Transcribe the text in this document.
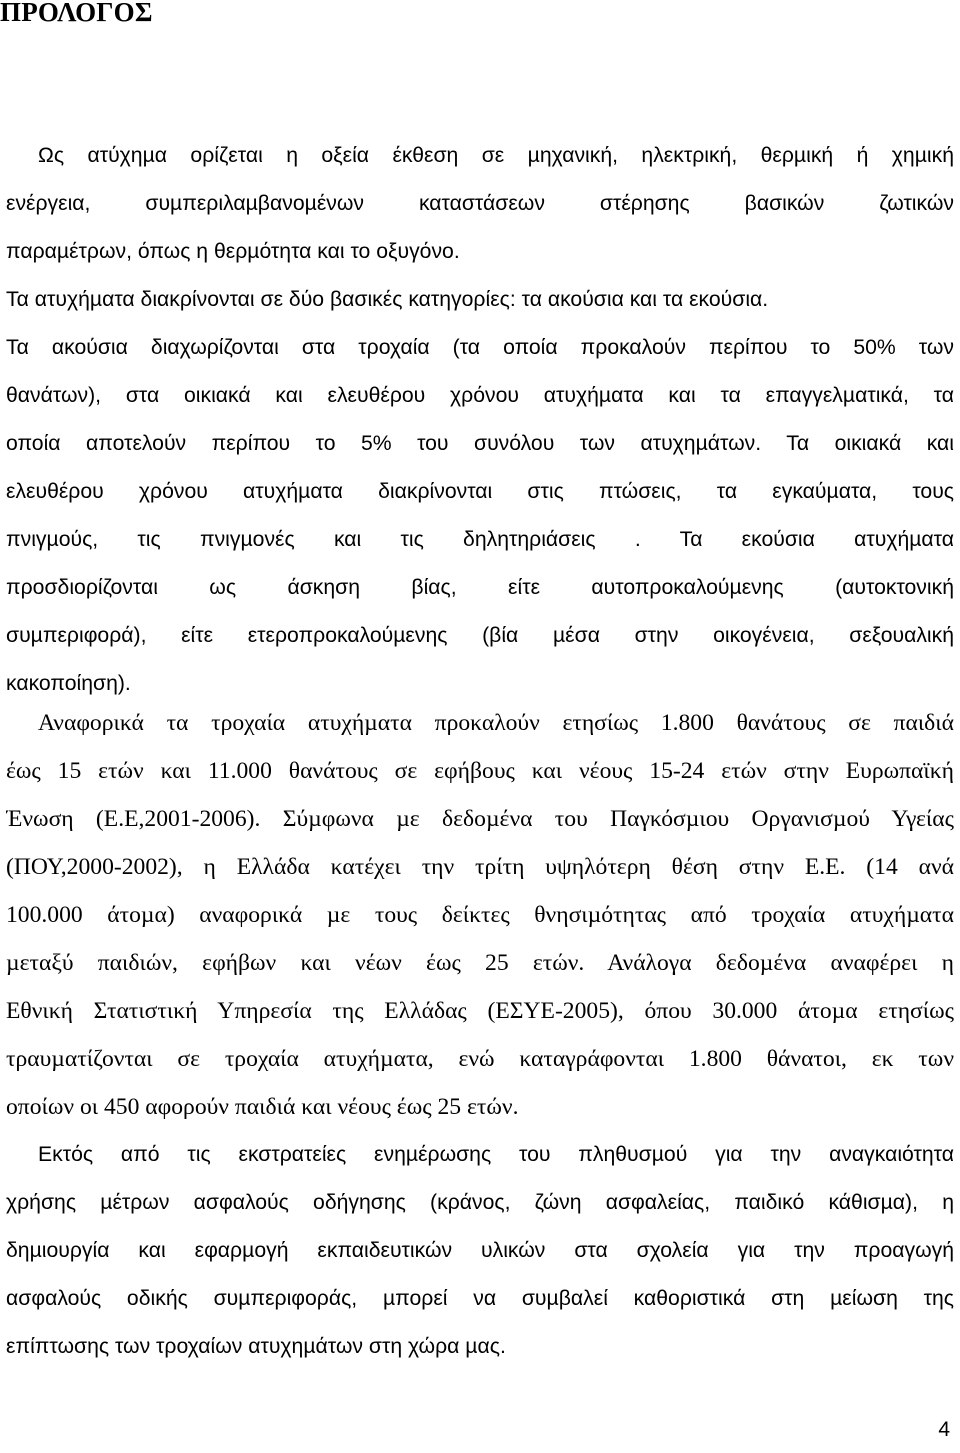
ΠΡΟΛΟΓΟΣ
Ως ατύχηµα ορίζεται η οξεία έκθεση σε µηχανική, ηλεκτρική, θερµική ή χηµική
ενέργεια, συµπεριλαµβανοµένων καταστάσεων στέρησης βασικών ζωτικών
παραµέτρων, όπως η θερµότητα και το οξυγόνο.
Τα ατυχήµατα διακρίνονται σε δύο βασικές κατηγορίες: τα ακούσια και τα εκούσια.
Τα ακούσια διαχωρίζονται στα τροχαία (τα οποία προκαλούν περίπου το 50% των
θανάτων), στα οικιακά και ελευθέρου χρόνου ατυχήµατα και τα επαγγελµατικά, τα
οποία αποτελούν περίπου το 5% του συνόλου των ατυχηµάτων. Τα οικιακά και
ελευθέρου χρόνου ατυχήµατα διακρίνονται στις πτώσεις, τα εγκαύµατα, τους
πνιγµούς, τις πνιγµονές και τις δηλητηριάσεις . Τα εκούσια ατυχήµατα
προσδιορίζονται ως άσκηση βίας, είτε αυτοπροκαλούµενης (αυτοκτονική
συµπεριφορά), είτε ετεροπροκαλούµενης (βία µέσα στην οικογένεια, σεξουαλική
κακοποίηση).
Αναφορικά τα τροχαία ατυχήµατα προκαλούν ετησίως 1.800 θανάτους σε παιδιά
έως 15 ετών και 11.000 θανάτους σε εφήβους και νέους 15-24 ετών στην Ευρωπαϊκή
Ένωση (Ε.Ε,2001-2006). Σύµφωνα µε δεδοµένα του Παγκόσµιου Οργανισµού Υγείας
(ΠΟΥ,2000-2002), η Ελλάδα κατέχει την τρίτη υψηλότερη θέση στην Ε.Ε. (14 ανά
100.000 άτοµα) αναφορικά µε τους δείκτες θνησιµότητας από τροχαία ατυχήµατα
µεταξύ παιδιών, εφήβων και νέων έως 25 ετών. Ανάλογα δεδοµένα αναφέρει η
Εθνική Στατιστική Υπηρεσία της Ελλάδας (ΕΣΥΕ-2005), όπου 30.000 άτοµα ετησίως
τραυµατίζονται σε τροχαία ατυχήµατα, ενώ καταγράφονται 1.800 θάνατοι, εκ των
οποίων οι 450 αφορούν παιδιά και νέους έως 25 ετών.
Εκτός από τις εκστρατείες ενηµέρωσης του πληθυσµού για την αναγκαιότητα
χρήσης µέτρων ασφαλούς οδήγησης (κράνος, ζώνη ασφαλείας, παιδικό κάθισµα), η
δηµιουργία και εφαρµογή εκπαιδευτικών υλικών στα σχολεία για την προαγωγή
ασφαλούς οδικής συµπεριφοράς, µπορεί να συµβαλεί καθοριστικά στη µείωση της
επίπτωσης των τροχαίων ατυχηµάτων στη χώρα µας.
4
